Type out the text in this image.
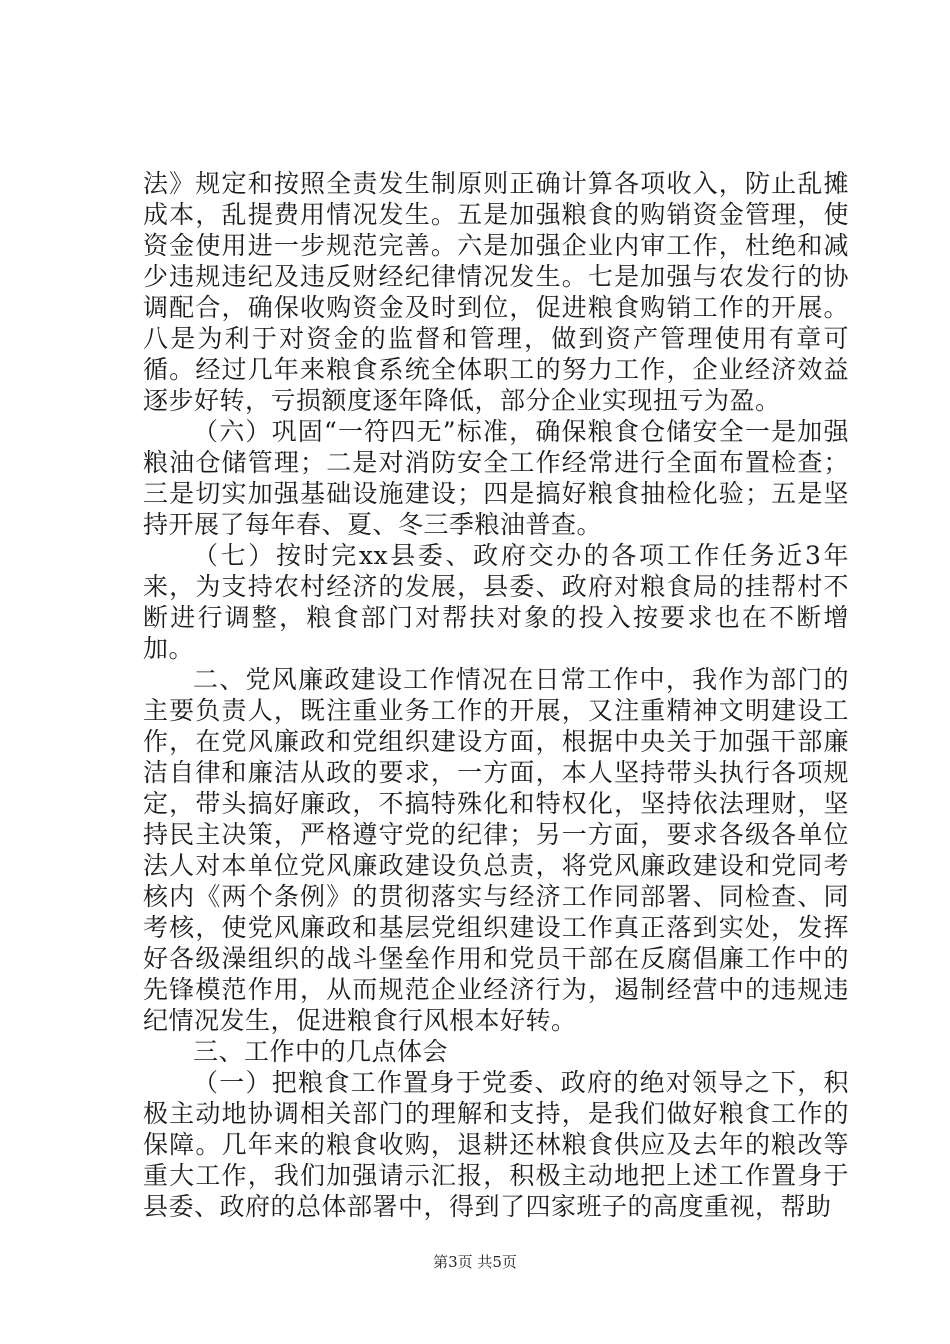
法》规定和按照全责发生制原则正确计算各项收入，防止乱摊成本，乱提费用情况发生。五是加强粮食的购销资金管理，使资金使用进一步规范完善。六是加强企业内审工作，杜绝和减少违规违纪及违反财经纪律情况发生。七是加强与农发行的协调配合，确保收购资金及时到位，促进粮食购销工作的开展。八是为利于对资金的监督和管理，做到资产管理使用有章可循。经过几年来粮食系统全体职工的努力工作，企业经济效益逐步好转，亏损额度逐年降低，部分企业实现扭亏为盈。

（六）巩固“一符四无”标准，确保粮食仓储安全一是加强粮油仓储管理；二是对消防安全工作经常进行全面布置检查；三是切实加强基础设施建设；四是搞好粮食抽检化验；五是坚持开展了每年春、夏、冬三季粮油普查。

（七）按时完xx县委、政府交办的各项工作任务近3年来，为支持农村经济的发展，县委、政府对粮食局的挂帮村不断进行调整，粮食部门对帮扶对象的投入按要求也在不断增加。

二、党风廉政建设工作情况在日常工作中，我作为部门的主要负责人，既注重业务工作的开展，又注重精神文明建设工作，在党风廉政和党组织建设方面，根据中央关于加强干部廉洁自律和廉洁从政的要求，一方面，本人坚持带头执行各项规定，带头搞好廉政，不搞特殊化和特权化，坚持依法理财，坚持民主决策，严格遵守党的纪律；另一方面，要求各级各单位法人对本单位党风廉政建设负总责，将党风廉政建设和党同考核内《两个条例》的贯彻落实与经济工作同部署、同检查、同考核，使党风廉政和基层党组织建设工作真正落到实处，发挥好各级澡组织的战斗堡垒作用和党员干部在反腐倡廉工作中的先锋模范作用，从而规范企业经济行为，遏制经营中的违规违纪情况发生，促进粮食行风根本好转。

三、工作中的几点体会

（一）把粮食工作置身于党委、政府的绝对领导之下，积极主动地协调相关部门的理解和支持，是我们做好粮食工作的保障。几年来的粮食收购，退耕还林粮食供应及去年的粮改等重大工作，我们加强请示汇报，积极主动地把上述工作置身于县委、政府的总体部署中，得到了四家班子的高度重视，帮助

第3页 共5页
